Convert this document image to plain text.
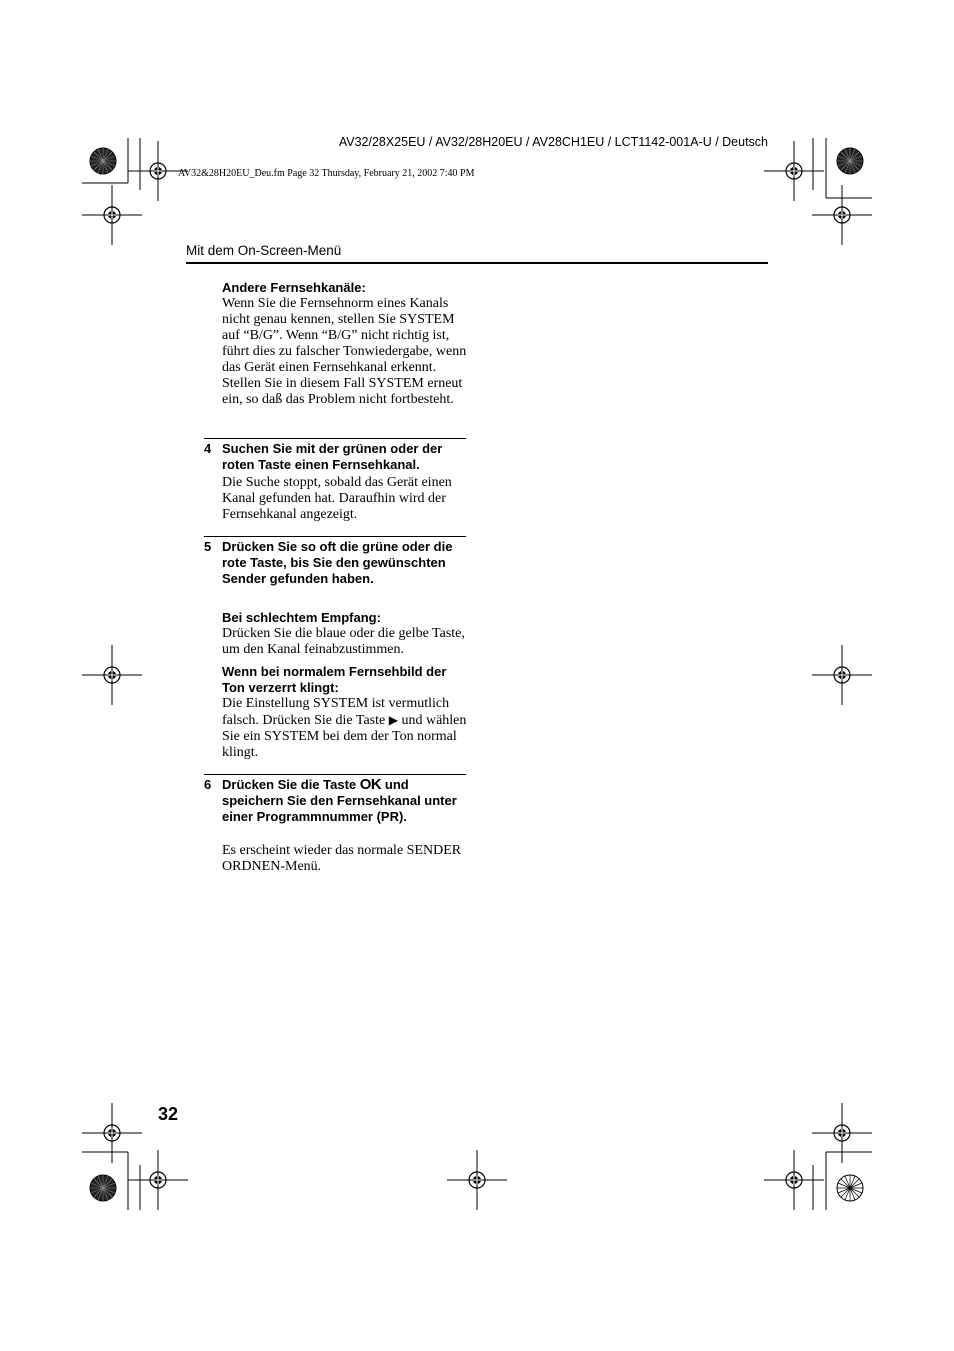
AV32/28X25EU / AV32/28H20EU / AV28CH1EU / LCT1142-001A-U / Deutsch
AV32&28H20EU_Deu.fm Page 32 Thursday, February 21, 2002 7:40 PM
Mit dem On-Screen-Menü
Andere Fernsehkanäle:
Wenn Sie die Fernsehnorm eines Kanals nicht genau kennen, stellen Sie SYSTEM auf “B/G”. Wenn “B/G” nicht richtig ist, führt dies zu falscher Tonwiedergabe, wenn das Gerät einen Fernsehkanal erkennt. Stellen Sie in diesem Fall SYSTEM erneut ein, so daß das Problem nicht fortbesteht.
4 Suchen Sie mit der grünen oder der roten Taste einen Fernsehkanal.
Die Suche stoppt, sobald das Gerät einen Kanal gefunden hat. Daraufhin wird der Fernsehkanal angezeigt.
5 Drücken Sie so oft die grüne oder die rote Taste, bis Sie den gewünschten Sender gefunden haben.
Bei schlechtem Empfang:
Drücken Sie die blaue oder die gelbe Taste, um den Kanal feinabzustimmen.
Wenn bei normalem Fernsehbild der Ton verzerrt klingt:
Die Einstellung SYSTEM ist vermutlich falsch. Drücken Sie die Taste ▶ und wählen Sie ein SYSTEM bei dem der Ton normal klingt.
6 Drücken Sie die Taste OK und speichern Sie den Fernsehkanal unter einer Programmnummer (PR).
Es erscheint wieder das normale SENDER ORDNEN-Menü.
32
